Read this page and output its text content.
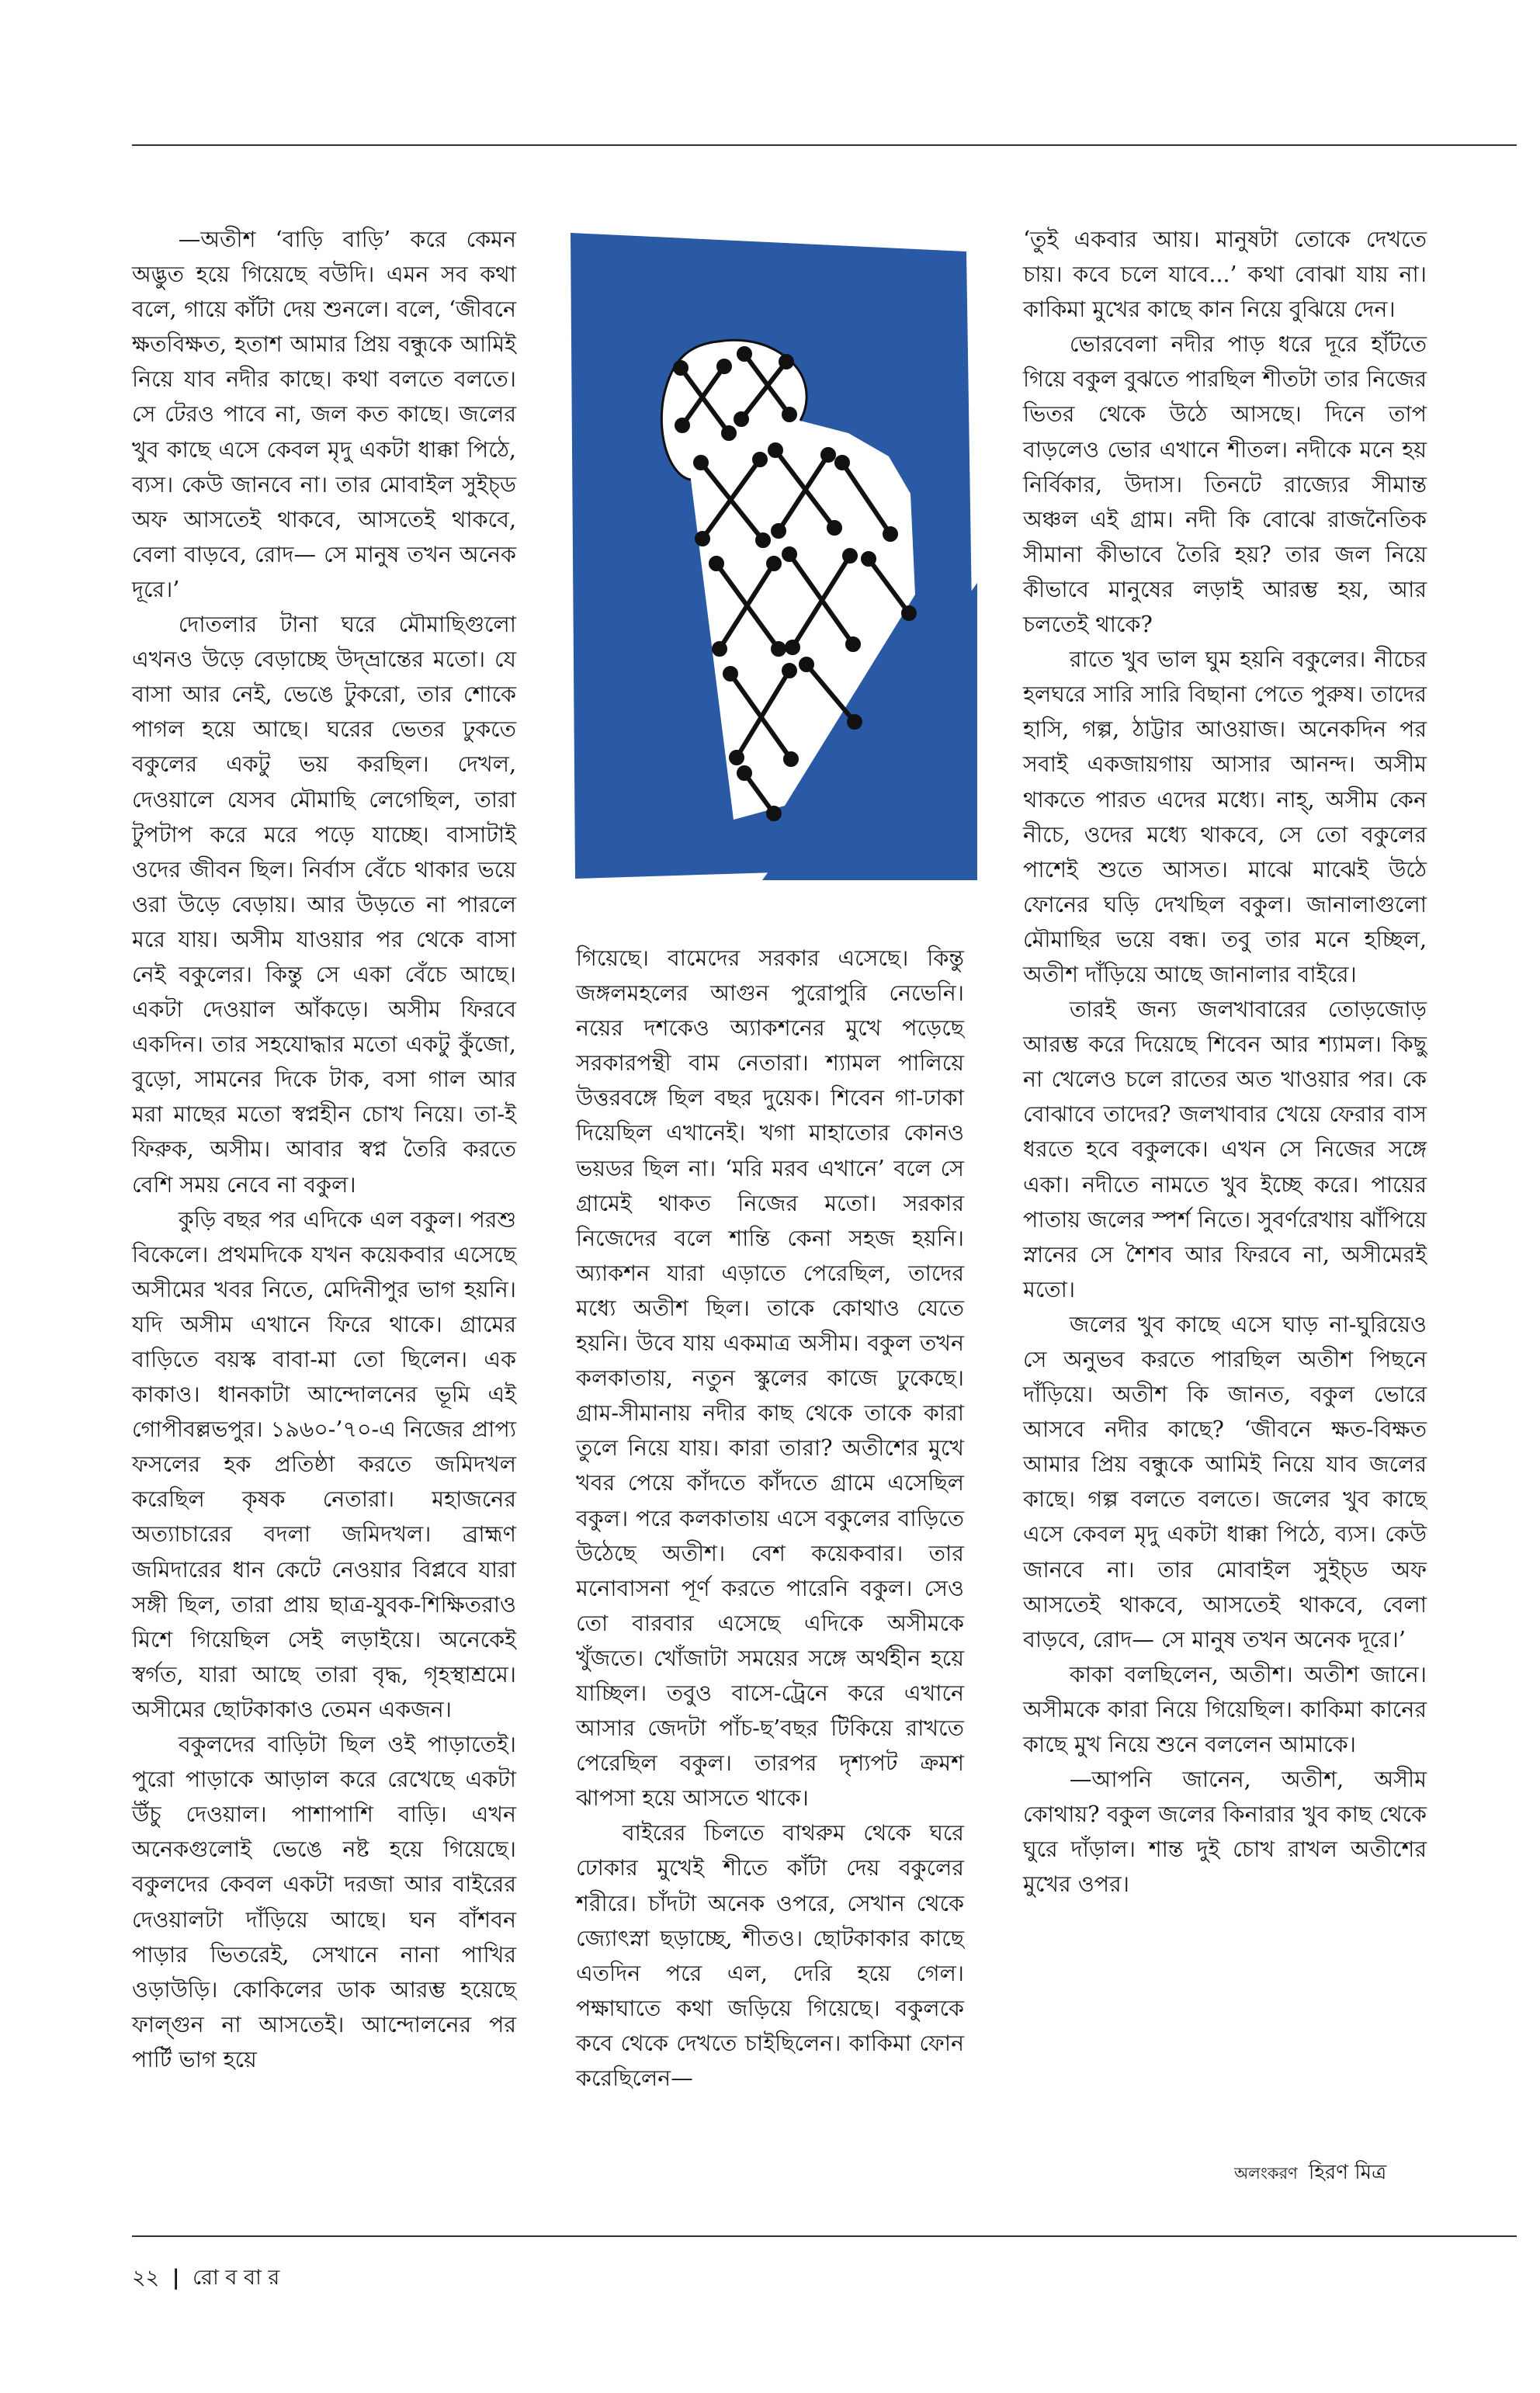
—অতীশ ‘বাড়ি বাড়ি’ করে কেমন অদ্ভুত হয়ে গিয়েছে বউদি। এমন সব কথা বলে, গায়ে কাঁটা দেয় শুনলে। বলে, ‘জীবনে ক্ষতবিক্ষত, হতাশ আমার প্রিয় বন্ধুকে আমিই নিয়ে যাব নদীর কাছে। কথা বলতে বলতে। সে টেরও পাবে না, জল কত কাছে। জলের খুব কাছে এসে কেবল মৃদু একটা ধাক্কা পিঠে, ব্যস। কেউ জানবে না। তার মোবাইল সুইচ্ড অফ আসতেই থাকবে, আসতেই থাকবে, বেলা বাড়বে, রোদ— সে মানুষ তখন অনেক দূরে।’

দোতলার টানা ঘরে মৌমাছিগুলো এখনও উড়ে বেড়াচ্ছে উদ্‌ভ্রান্তের মতো। যে বাসা আর নেই, ভেঙে টুকরো, তার শোকে পাগল হয়ে আছে। ঘরের ভেতর ঢুকতে বকুলের একটু ভয় করছিল। দেখল, দেওয়ালে যেসব মৌমাছি লেগেছিল, তারা টুপটাপ করে মরে পড়ে যাচ্ছে। বাসাটাই ওদের জীবন ছিল। নির্বাস বেঁচে থাকার ভয়ে ওরা উড়ে বেড়ায়। আর উড়তে না পারলে মরে যায়। অসীম যাওয়ার পর থেকে বাসা নেই বকুলের। কিন্তু সে একা বেঁচে আছে। একটা দেওয়াল আঁকড়ে। অসীম ফিরবে একদিন। তার সহযোদ্ধার মতো একটু কুঁজো, বুড়ো, সামনের দিকে টাক, বসা গাল আর মরা মাছের মতো স্বপ্নহীন চোখ নিয়ে। তা-ই ফিরুক, অসীম। আবার স্বপ্ন তৈরি করতে বেশি সময় নেবে না বকুল।

কুড়ি বছর পর এদিকে এল বকুল। পরশু বিকেলে। প্রথমদিকে যখন কয়েকবার এসেছে অসীমের খবর নিতে, মেদিনীপুর ভাগ হয়নি। যদি অসীম এখানে ফিরে থাকে। গ্রামের বাড়িতে বয়স্ক বাবা-মা তো ছিলেন। এক কাকাও। ধানকাটা আন্দোলনের ভূমি এই গোপীবল্লভপুর। ১৯৬০-’৭০-এ নিজের প্রাপ্য ফসলের হক প্রতিষ্ঠা করতে জমিদখল করেছিল কৃষক নেতারা। মহাজনের অত্যাচারের বদলা জমিদখল। ব্রাহ্মণ জমিদারের ধান কেটে নেওয়ার বিপ্লবে যারা সঙ্গী ছিল, তারা প্রায় ছাত্র-যুবক-শিক্ষিতরাও মিশে গিয়েছিল সেই লড়াইয়ে। অনেকেই স্বর্গত, যারা আছে তারা বৃদ্ধ, গৃহস্থাশ্রমে। অসীমের ছোটকাকাও তেমন একজন।

বকুলদের বাড়িটা ছিল ওই পাড়াতেই। পুরো পাড়াকে আড়াল করে রেখেছে একটা উঁচু দেওয়াল। পাশাপাশি বাড়ি। এখন অনেকগুলোই ভেঙে নষ্ট হয়ে গিয়েছে। বকুলদের কেবল একটা দরজা আর বাইরের দেওয়ালটা দাঁড়িয়ে আছে। ঘন বাঁশবন পাড়ার ভিতরেই, সেখানে নানা পাখির ওড়াউড়ি। কোকিলের ডাক আরম্ভ হয়েছে ফাল্গুন না আসতেই। আন্দোলনের পর পার্টি ভাগ হয়ে

গিয়েছে। বামেদের সরকার এসেছে। কিন্তু জঙ্গলমহলের আগুন পুরোপুরি নেভেনি। নয়ের দশকেও অ্যাকশনের মুখে পড়েছে সরকারপন্থী বাম নেতারা। শ্যামল পালিয়ে উত্তরবঙ্গে ছিল বছর দুয়েক। শিবেন গা-ঢাকা দিয়েছিল এখানেই। খগা মাহাতোর কোনও ভয়ডর ছিল না। ‘মরি মরব এখানে’ বলে সে গ্রামেই থাকত নিজের মতো। সরকার নিজেদের বলে শান্তি কেনা সহজ হয়নি। অ্যাকশন যারা এড়াতে পেরেছিল, তাদের মধ্যে অতীশ ছিল। তাকে কোথাও যেতে হয়নি। উবে যায় একমাত্র অসীম। বকুল তখন কলকাতায়, নতুন স্কুলের কাজে ঢুকেছে। গ্রাম-সীমানায় নদীর কাছ থেকে তাকে কারা তুলে নিয়ে যায়। কারা তারা? অতীশের মুখে খবর পেয়ে কাঁদতে কাঁদতে গ্রামে এসেছিল বকুল। পরে কলকাতায় এসে বকুলের বাড়িতে উঠেছে অতীশ। বেশ কয়েকবার। তার মনোবাসনা পূর্ণ করতে পারেনি বকুল। সেও তো বারবার এসেছে এদিকে অসীমকে খুঁজতে। খোঁজাটা সময়ের সঙ্গে অর্থহীন হয়ে যাচ্ছিল। তবুও বাসে-ট্রেনে করে এখানে আসার জেদটা পাঁচ-ছ’বছর টিকিয়ে রাখতে পেরেছিল বকুল। তারপর দৃশ্যপট ক্রমশ ঝাপসা হয়ে আসতে থাকে।

বাইরের চিলতে বাথরুম থেকে ঘরে ঢোকার মুখেই শীতে কাঁটা দেয় বকুলের শরীরে। চাঁদটা অনেক ওপরে, সেখান থেকে জ্যোৎস্না ছড়াচ্ছে, শীতও। ছোটকাকার কাছে এতদিন পরে এল, দেরি হয়ে গেল। পক্ষাঘাতে কথা জড়িয়ে গিয়েছে। বকুলকে কবে থেকে দেখতে চাইছিলেন। কাকিমা ফোন করেছিলেন—

‘তুই একবার আয়। মানুষটা তোকে দেখতে চায়। কবে চলে যাবে...’ কথা বোঝা যায় না। কাকিমা মুখের কাছে কান নিয়ে বুঝিয়ে দেন।

ভোরবেলা নদীর পাড় ধরে দূরে হাঁটতে গিয়ে বকুল বুঝতে পারছিল শীতটা তার নিজের ভিতর থেকে উঠে আসছে। দিনে তাপ বাড়লেও ভোর এখানে শীতল। নদীকে মনে হয় নির্বিকার, উদাস। তিনটে রাজ্যের সীমান্ত অঞ্চল এই গ্রাম। নদী কি বোঝে রাজনৈতিক সীমানা কীভাবে তৈরি হয়? তার জল নিয়ে কীভাবে মানুষের লড়াই আরম্ভ হয়, আর চলতেই থাকে?

রাতে খুব ভাল ঘুম হয়নি বকুলের। নীচের হলঘরে সারি সারি বিছানা পেতে পুরুষ। তাদের হাসি, গল্প, ঠাট্টার আওয়াজ। অনেকদিন পর সবাই একজায়গায় আসার আনন্দ। অসীম থাকতে পারত এদের মধ্যে। নাহ্, অসীম কেন নীচে, ওদের মধ্যে থাকবে, সে তো বকুলের পাশেই শুতে আসত। মাঝে মাঝেই উঠে ফোনের ঘড়ি দেখছিল বকুল। জানালাগুলো মৌমাছির ভয়ে বন্ধ। তবু তার মনে হচ্ছিল, অতীশ দাঁড়িয়ে আছে জানালার বাইরে।

তারই জন্য জলখাবারের তোড়জোড় আরম্ভ করে দিয়েছে শিবেন আর শ্যামল। কিছু না খেলেও চলে রাতের অত খাওয়ার পর। কে বোঝাবে তাদের? জলখাবার খেয়ে ফেরার বাস ধরতে হবে বকুলকে। এখন সে নিজের সঙ্গে একা। নদীতে নামতে খুব ইচ্ছে করে। পায়ের পাতায় জলের স্পর্শ নিতে। সুবর্ণরেখায় ঝাঁপিয়ে স্নানের সে শৈশব আর ফিরবে না, অসীমেরই মতো।

জলের খুব কাছে এসে ঘাড় না-ঘুরিয়েও সে অনুভব করতে পারছিল অতীশ পিছনে দাঁড়িয়ে। অতীশ কি জানত, বকুল ভোরে আসবে নদীর কাছে? ‘জীবনে ক্ষত-বিক্ষত আমার প্রিয় বন্ধুকে আমিই নিয়ে যাব জলের কাছে। গল্প বলতে বলতে। জলের খুব কাছে এসে কেবল মৃদু একটা ধাক্কা পিঠে, ব্যস। কেউ জানবে না। তার মোবাইল সুইচ্ড অফ আসতেই থাকবে, আসতেই থাকবে, বেলা বাড়বে, রোদ— সে মানুষ তখন অনেক দূরে।’

কাকা বলছিলেন, অতীশ। অতীশ জানে। অসীমকে কারা নিয়ে গিয়েছিল। কাকিমা কানের কাছে মুখ নিয়ে শুনে বললেন আমাকে।

—আপনি জানেন, অতীশ, অসীম কোথায়? বকুল জলের কিনারার খুব কাছ থেকে ঘুরে দাঁড়াল। শান্ত দুই চোখ রাখল অতীশের মুখের ওপর।

অলংকরণ হিরণ মিত্র
২২ | রো ব বা র
